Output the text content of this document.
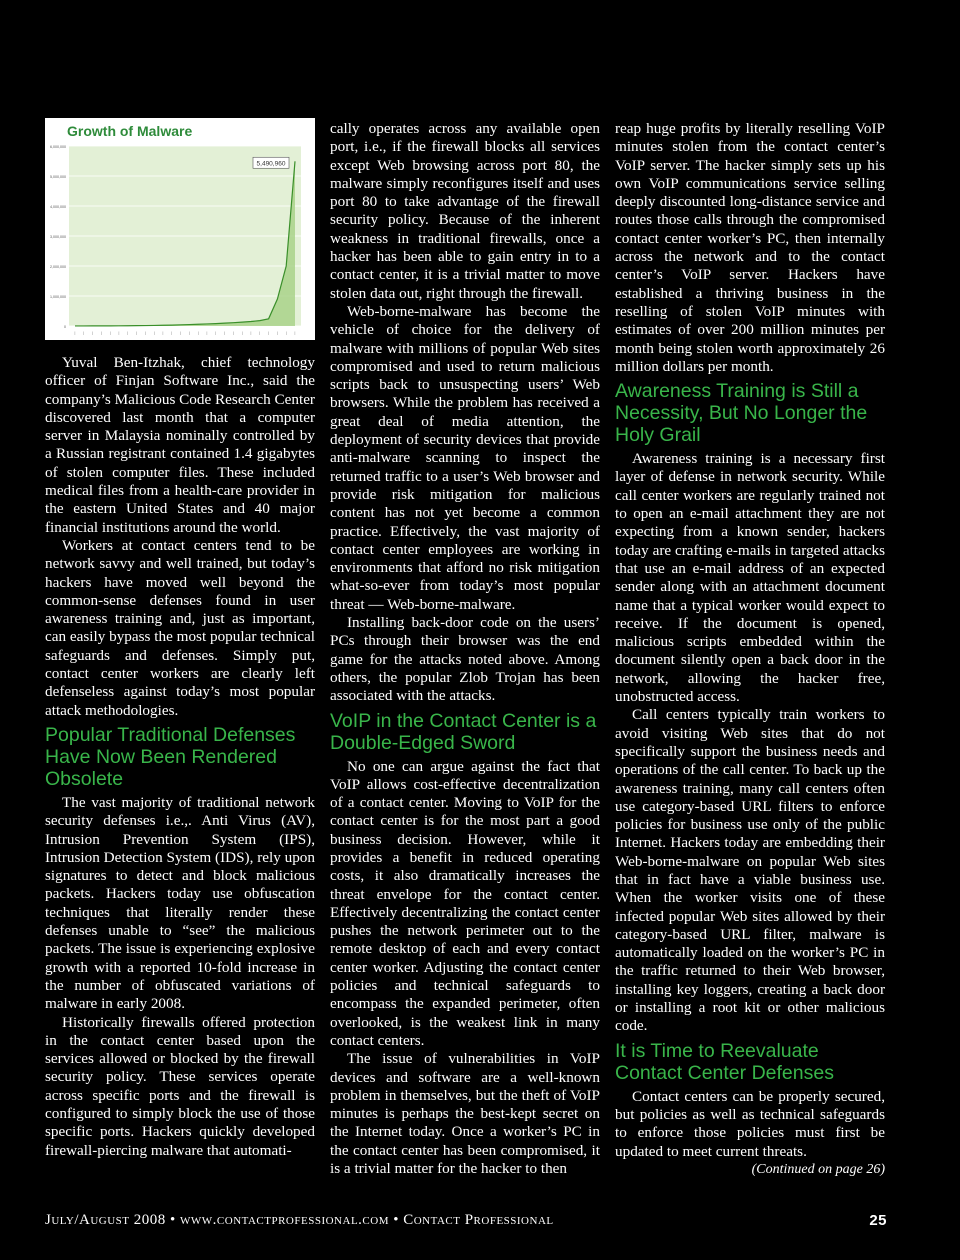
0
1,000,000
2,000,000
3,000,000
4,000,000
5,000,000
6,000,000
| | | | | | | | | | | | | | | | | | | | | | | | | |
Growth of Malware
5,490,960

Yuval Ben-Itzhak, chief technology officer of Finjan Software Inc., said the company’s Malicious Code Research Center discovered last month that a computer server in Malaysia nominally controlled by a Russian registrant contained 1.4 gigabytes of stolen computer files. These included medical files from a health-care provider in the eastern United States and 40 major financial institutions around the world.

Workers at contact centers tend to be network savvy and well trained, but today’s hackers have moved well beyond the common-sense defenses found in user awareness training and, just as important, can easily bypass the most popular technical safeguards and defenses. Simply put, contact center workers are clearly left defenseless against today’s most popular attack methodologies.

Popular Traditional Defenses Have Now Been Rendered Obsolete

The vast majority of traditional network security defenses i.e.,. Anti Virus (AV), Intrusion Prevention System (IPS), Intrusion Detection System (IDS), rely upon signatures to detect and block malicious packets. Hackers today use obfuscation techniques that literally render these defenses unable to “see” the malicious packets. The issue is experiencing explosive growth with a reported 10-fold increase in the number of obfuscated variations of malware in early 2008.

Historically firewalls offered protection in the contact center based upon the services allowed or blocked by the firewall security policy. These services operate across specific ports and the firewall is configured to simply block the use of those specific ports. Hackers quickly developed firewall-piercing malware that automati-

cally operates across any available open port, i.e., if the firewall blocks all services except Web browsing across port 80, the malware simply reconfigures itself and uses port 80 to take advantage of the firewall security policy. Because of the inherent weakness in traditional firewalls, once a hacker has been able to gain entry in to a contact center, it is a trivial matter to move stolen data out, right through the firewall.

Web-borne-malware has become the vehicle of choice for the delivery of malware with millions of popular Web sites compromised and used to return malicious scripts back to unsuspecting users’ Web browsers. While the problem has received a great deal of media attention, the deployment of security devices that provide anti-malware scanning to inspect the returned traffic to a user’s Web browser and provide risk mitigation for malicious content has not yet become a common practice. Effectively, the vast majority of contact center employees are working in environments that afford no risk mitigation what-so-ever from today’s most popular threat — Web-borne-malware.

Installing back-door code on the users’ PCs through their browser was the end game for the attacks noted above. Among others, the popular Zlob Trojan has been associated with the attacks.

VoIP in the Contact Center is a Double-Edged Sword

No one can argue against the fact that VoIP allows cost-effective decentralization of a contact center. Moving to VoIP for the contact center is for the most part a good business decision. However, while it provides a benefit in reduced operating costs, it also dramatically increases the threat envelope for the contact center. Effectively decentralizing the contact center pushes the network perimeter out to the remote desktop of each and every contact center worker. Adjusting the contact center policies and technical safeguards to encompass the expanded perimeter, often overlooked, is the weakest link in many contact centers.

The issue of vulnerabilities in VoIP devices and software are a well-known problem in themselves, but the theft of VoIP minutes is perhaps the best-kept secret on the Internet today. Once a worker’s PC in the contact center has been compromised, it is a trivial matter for the hacker to then

reap huge profits by literally reselling VoIP minutes stolen from the contact center’s VoIP server. The hacker simply sets up his own VoIP communications service selling deeply discounted long-distance service and routes those calls through the compromised contact center worker’s PC, then internally across the network and to the contact center’s VoIP server. Hackers have established a thriving business in the reselling of stolen VoIP minutes with estimates of over 200 million minutes per month being stolen worth approximately 26 million dollars per month.

Awareness Training is Still a Necessity, But No Longer the Holy Grail

Awareness training is a necessary first layer of defense in network security. While call center workers are regularly trained not to open an e-mail attachment they are not expecting from a known sender, hackers today are crafting e-mails in targeted attacks that use an e-mail address of an expected sender along with an attachment document name that a typical worker would expect to receive. If the document is opened, malicious scripts embedded within the document silently open a back door in the network, allowing the hacker free, unobstructed access.

Call centers typically train workers to avoid visiting Web sites that do not specifically support the business needs and operations of the call center. To back up the awareness training, many call centers often use category-based URL filters to enforce policies for business use only of the public Internet. Hackers today are embedding their Web-borne-malware on popular Web sites that in fact have a viable business use. When the worker visits one of these infected popular Web sites allowed by their category-based URL filter, malware is automatically loaded on the worker’s PC in the traffic returned to their Web browser, installing key loggers, creating a back door or installing a root kit or other malicious code.

It is Time to Reevaluate Contact Center Defenses

Contact centers can be properly secured, but policies as well as technical safeguards to enforce those policies must first be updated to meet current threats.
(Continued on page 26)

July/August 2008 • www.contactprofessional.com • Contact Professional	25
